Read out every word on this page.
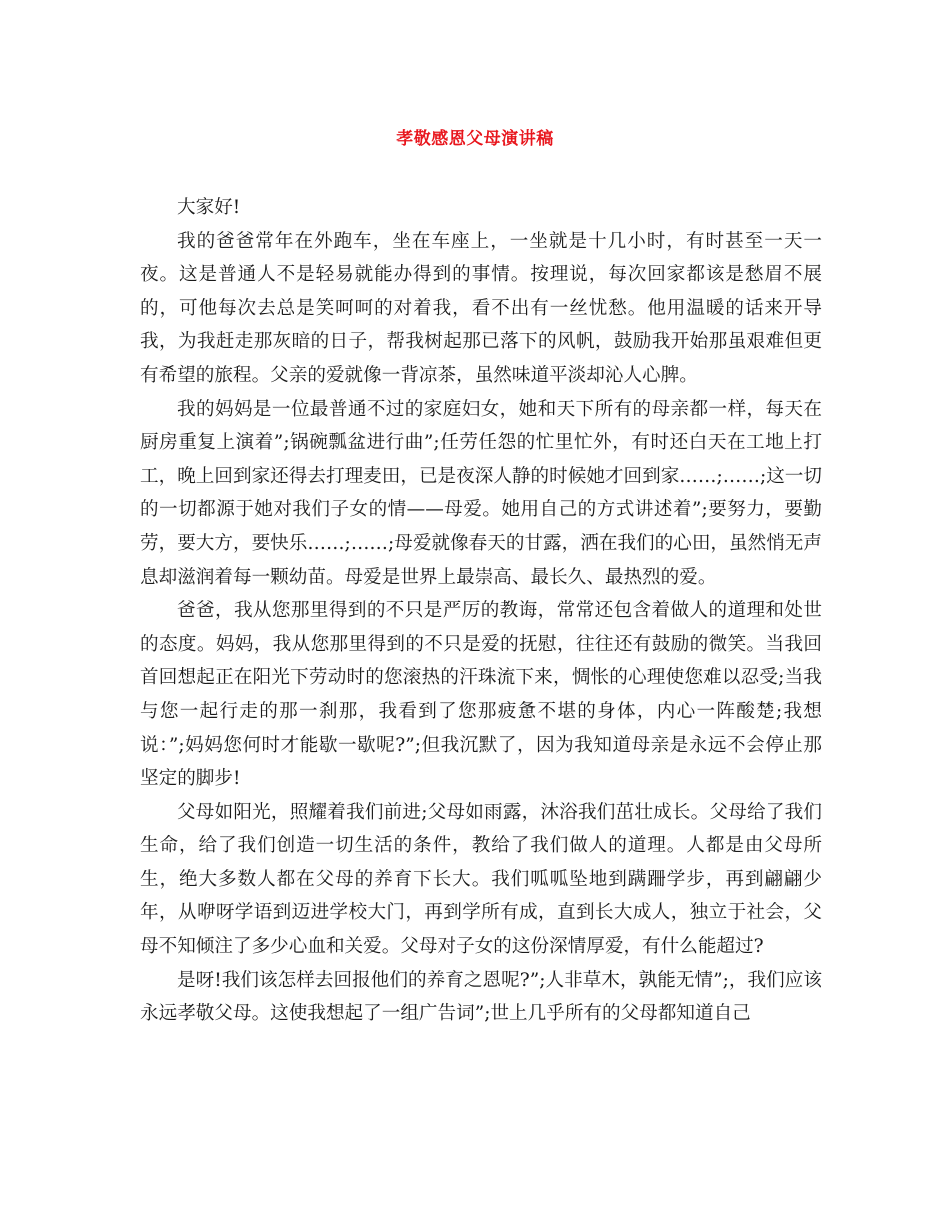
孝敬感恩父母演讲稿

大家好!

我的爸爸常年在外跑车，坐在车座上，一坐就是十几小时，有时甚至一天一夜。这是普通人不是轻易就能办得到的事情。按理说，每次回家都该是愁眉不展的，可他每次去总是笑呵呵的对着我，看不出有一丝忧愁。他用温暖的话来开导我，为我赶走那灰暗的日子，帮我树起那已落下的风帆，鼓励我开始那虽艰难但更有希望的旅程。父亲的爱就像一背凉茶，虽然味道平淡却沁人心脾。

我的妈妈是一位最普通不过的家庭妇女，她和天下所有的母亲都一样，每天在厨房重复上演着”;锅碗瓢盆进行曲”;任劳任怨的忙里忙外，有时还白天在工地上打工，晚上回到家还得去打理麦田，已是夜深人静的时候她才回到家……;……;这一切的一切都源于她对我们子女的情——母爱。她用自己的方式讲述着”;要努力，要勤劳，要大方，要快乐……;……;母爱就像春天的甘露，洒在我们的心田，虽然悄无声息却滋润着每一颗幼苗。母爱是世界上最崇高、最长久、最热烈的爱。

爸爸，我从您那里得到的不只是严厉的教诲，常常还包含着做人的道理和处世的态度。妈妈，我从您那里得到的不只是爱的抚慰，往往还有鼓励的微笑。当我回首回想起正在阳光下劳动时的您滚热的汗珠流下来，惆怅的心理使您难以忍受;当我与您一起行走的那一刹那，我看到了您那疲惫不堪的身体，内心一阵酸楚;我想说：”;妈妈您何时才能歇一歇呢?”;但我沉默了，因为我知道母亲是永远不会停止那坚定的脚步!

父母如阳光，照耀着我们前进;父母如雨露，沐浴我们茁壮成长。父母给了我们生命，给了我们创造一切生活的条件，教给了我们做人的道理。人都是由父母所生，绝大多数人都在父母的养育下长大。我们呱呱坠地到蹒跚学步，再到翩翩少年，从咿呀学语到迈进学校大门，再到学所有成，直到长大成人，独立于社会，父母不知倾注了多少心血和关爱。父母对子女的这份深情厚爱，有什么能超过?

是呀!我们该怎样去回报他们的养育之恩呢?”;人非草木，孰能无情”;，我们应该永远孝敬父母。这使我想起了一组广告词”;世上几乎所有的父母都知道自己
